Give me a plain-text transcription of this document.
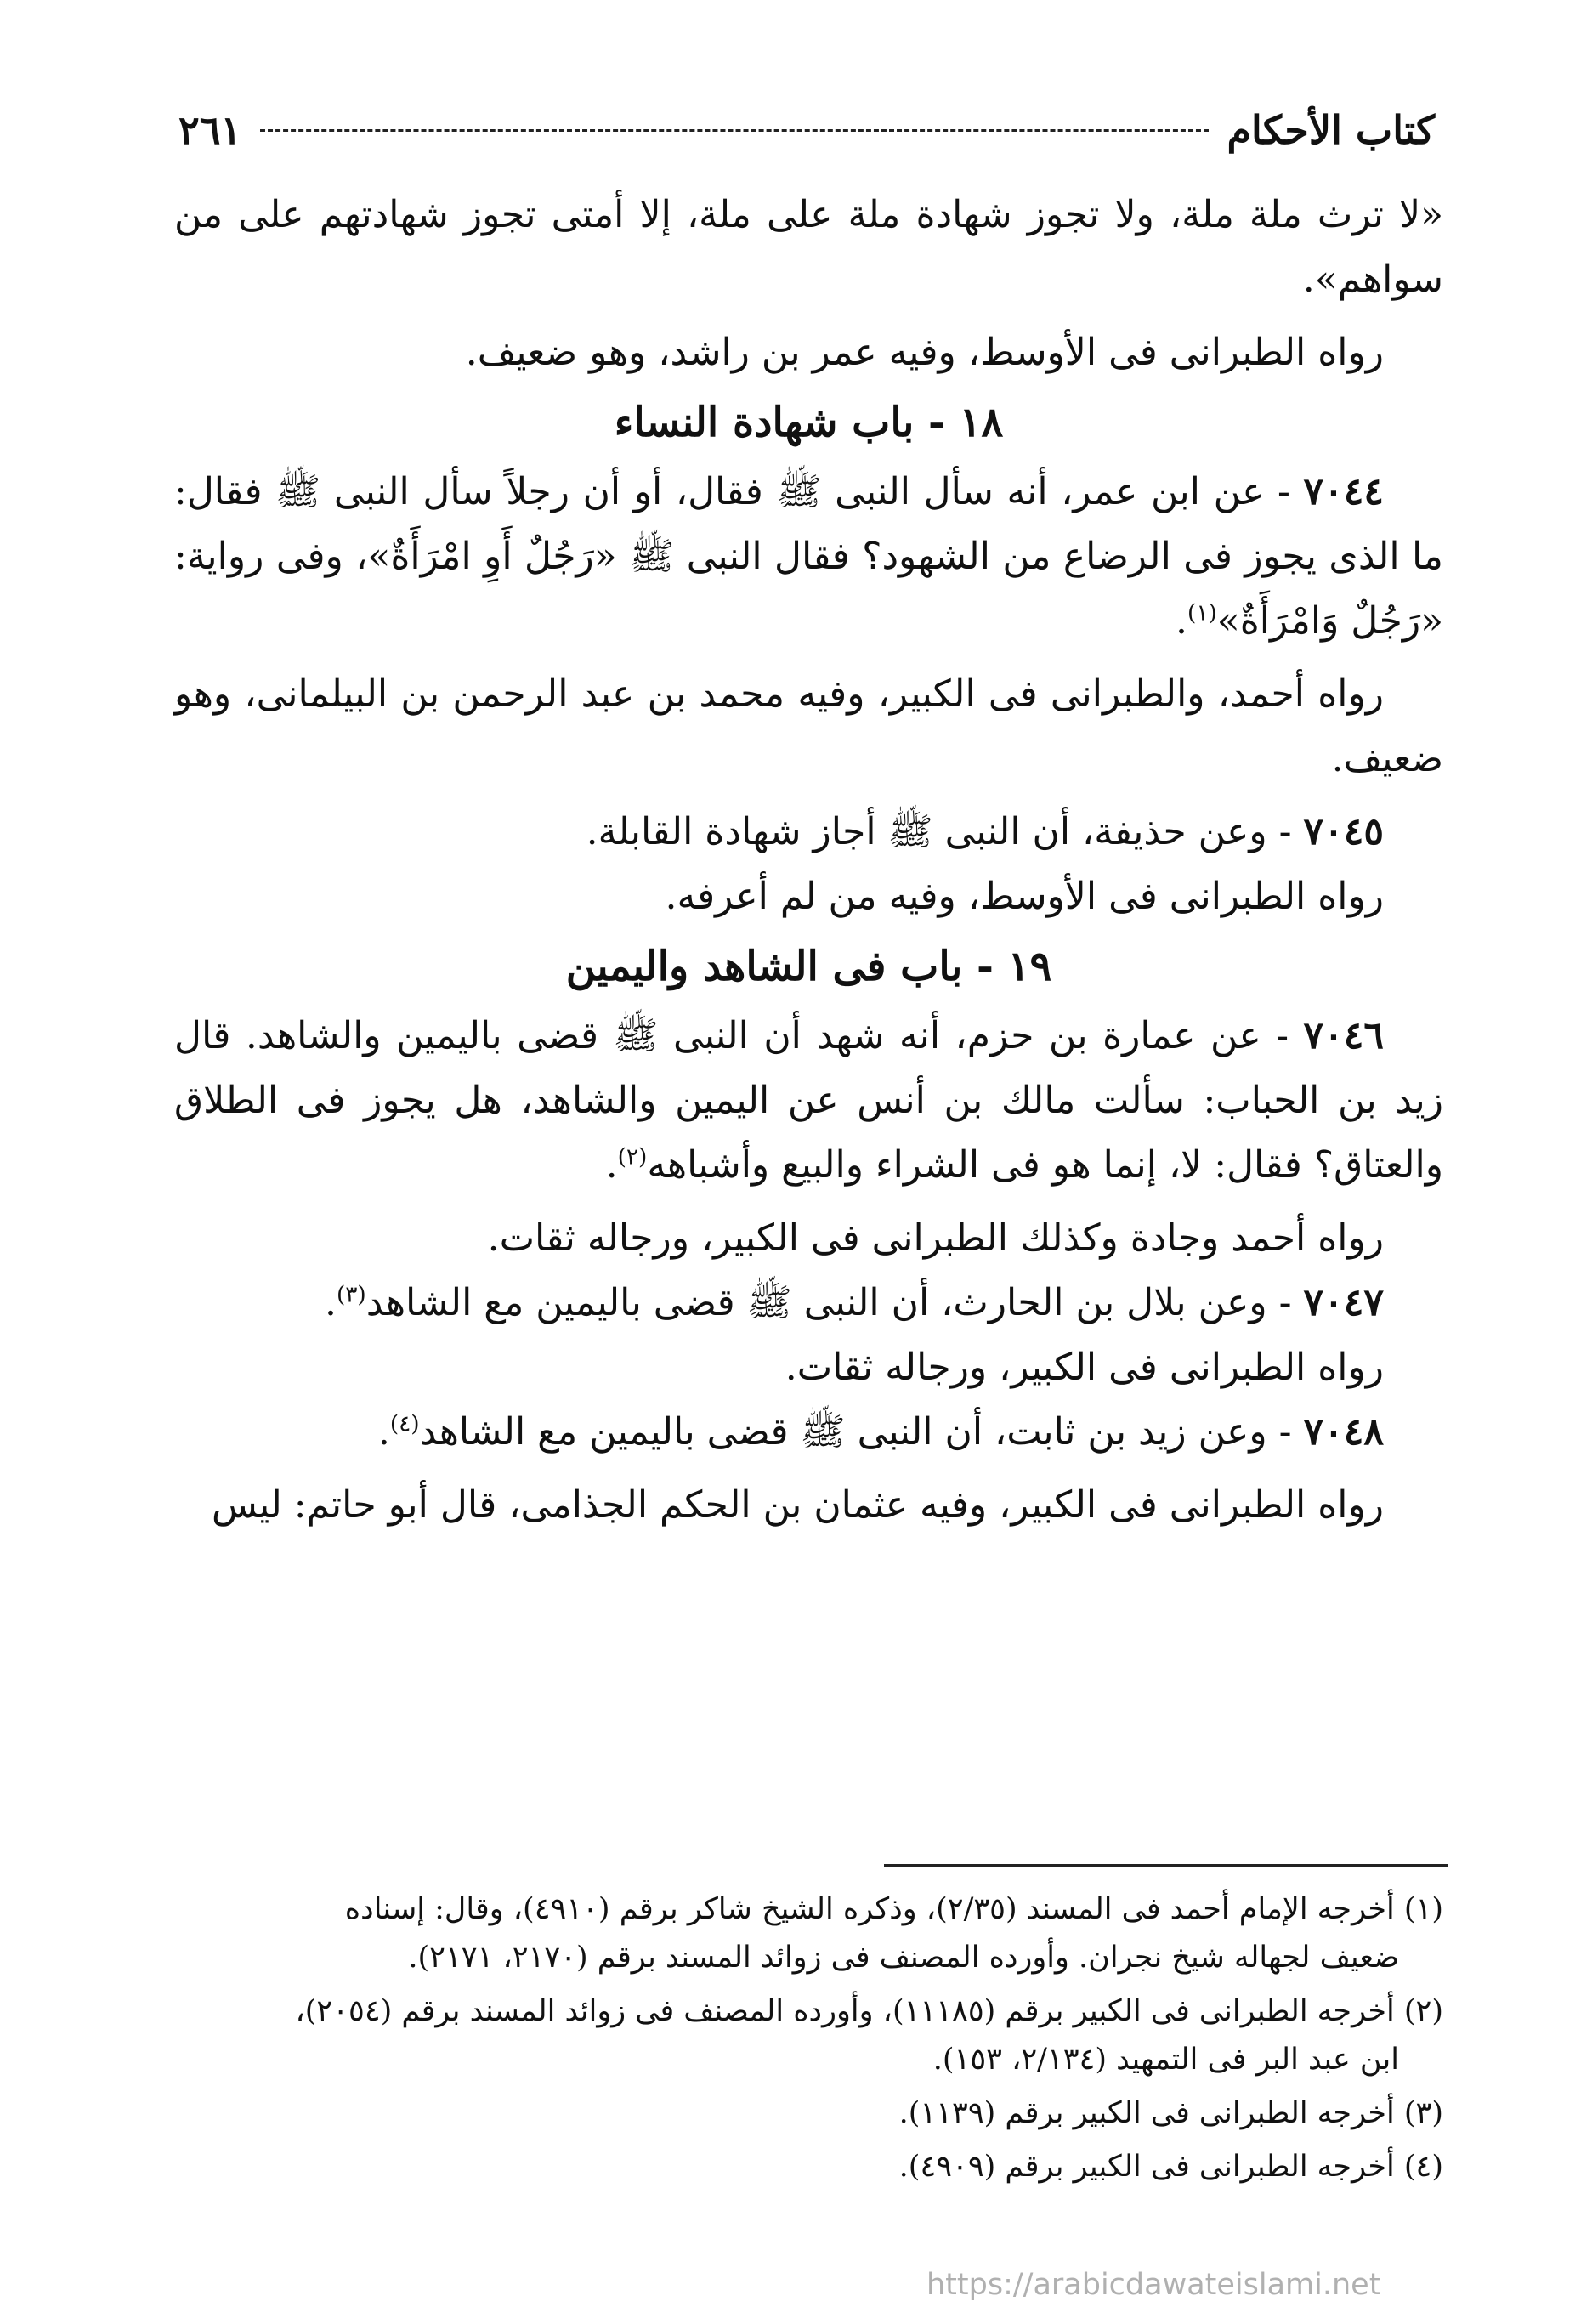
كتاب الأحكام
٢٦١

«لا ترث ملة ملة، ولا تجوز شهادة ملة على ملة، إلا أمتى تجوز شهادتهم على من سواهم».

رواه الطبرانى فى الأوسط، وفيه عمر بن راشد، وهو ضعيف.

١٨ - باب شهادة النساء

٧٠٤٤ - عن ابن عمر، أنه سأل النبى ﷺ فقال، أو أن رجلاً سأل النبى ﷺ فقال: ما الذى يجوز فى الرضاع من الشهود؟ فقال النبى ﷺ «رَجُلٌ أَوِ امْرَأَةٌ»، وفى رواية: «رَجُلٌ وَامْرَأَةٌ»$^{(١)}$.

رواه أحمد، والطبرانى فى الكبير، وفيه محمد بن عبد الرحمن بن البيلمانى، وهو ضعيف.

٧٠٤٥ - وعن حذيفة، أن النبى ﷺ أجاز شهادة القابلة.

رواه الطبرانى فى الأوسط، وفيه من لم أعرفه.

١٩ - باب فى الشاهد واليمين

٧٠٤٦ - عن عمارة بن حزم، أنه شهد أن النبى ﷺ قضى باليمين والشاهد. قال زيد بن الحباب: سألت مالك بن أنس عن اليمين والشاهد، هل يجوز فى الطلاق والعتاق؟ فقال: لا، إنما هو فى الشراء والبيع وأشباهه$^{(٢)}$.

رواه أحمد وجادة وكذلك الطبرانى فى الكبير، ورجاله ثقات.

٧٠٤٧ - وعن بلال بن الحارث، أن النبى ﷺ قضى باليمين مع الشاهد$^{(٣)}$.

رواه الطبرانى فى الكبير، ورجاله ثقات.

٧٠٤٨ - وعن زيد بن ثابت، أن النبى ﷺ قضى باليمين مع الشاهد$^{(٤)}$.

رواه الطبرانى فى الكبير، وفيه عثمان بن الحكم الجذامى، قال أبو حاتم: ليس

(١) أخرجه الإمام أحمد فى المسند (٢/٣٥)، وذكره الشيخ شاكر برقم (٤٩١٠)، وقال: إسناده
ضعيف لجهاله شيخ نجران. وأورده المصنف فى زوائد المسند برقم (٢١٧٠، ٢١٧١).

(٢) أخرجه الطبرانى فى الكبير برقم (١١١٨٥)، وأورده المصنف فى زوائد المسند برقم (٢٠٥٤)،
ابن عبد البر فى التمهيد (٢/١٣٤، ١٥٣).

(٣) أخرجه الطبرانى فى الكبير برقم (١١٣٩).

(٤) أخرجه الطبرانى فى الكبير برقم (٤٩٠٩).

https://arabicdawateislami.net
